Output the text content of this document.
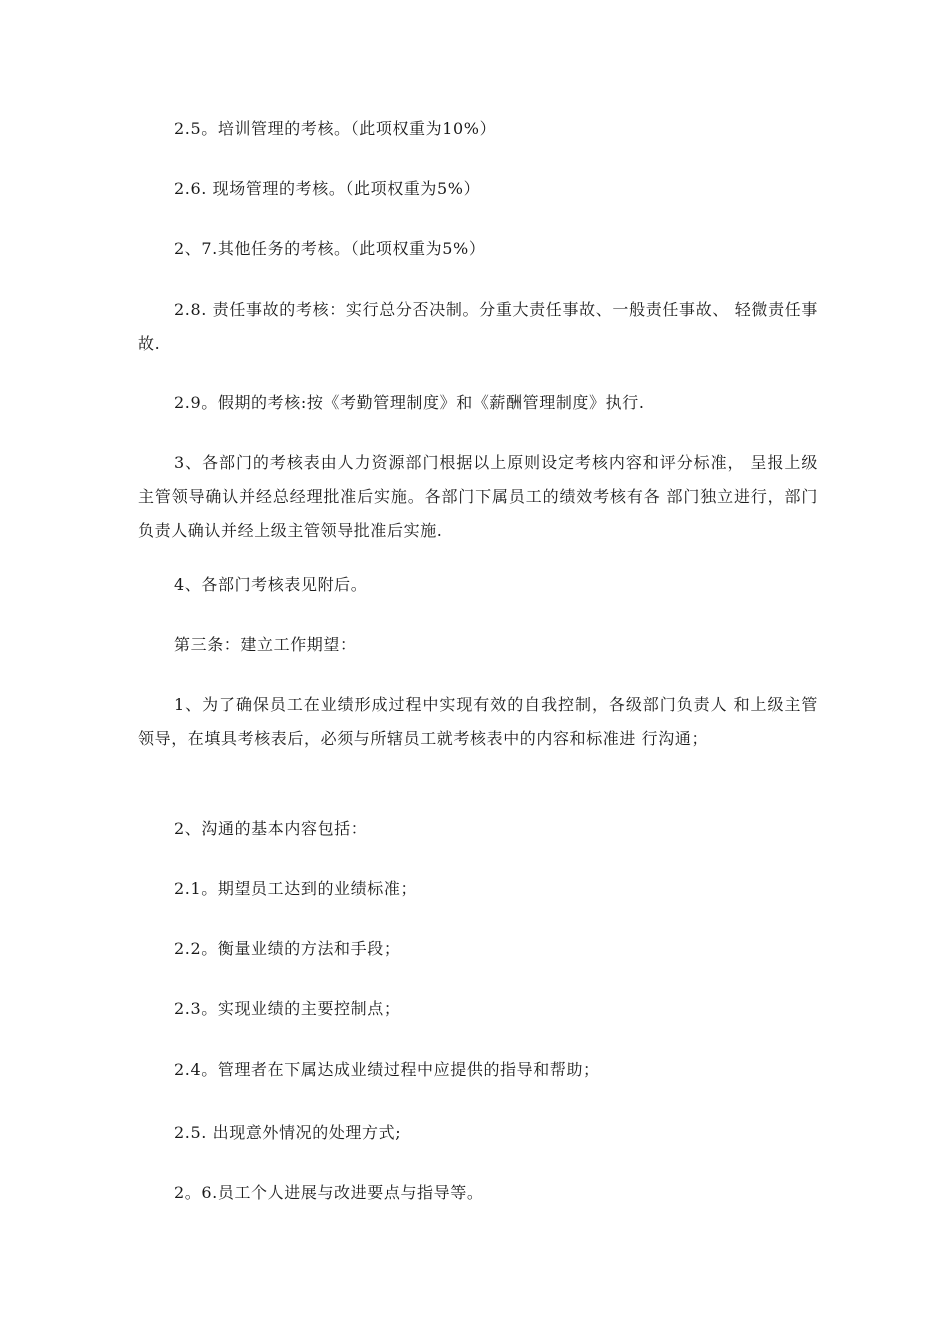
2.5。培训管理的考核。（此项权重为10%）

2.6. 现场管理的考核。（此项权重为5%）

2、7.其他任务的考核。（此项权重为5%）

2.8. 责任事故的考核：实行总分否决制。分重大责任事故、一般责任事故、 轻微责任事故.

2.9。假期的考核:按《考勤管理制度》和《薪酬管理制度》执行.

3、各部门的考核表由人力资源部门根据以上原则设定考核内容和评分标准， 呈报上级主管领导确认并经总经理批准后实施。各部门下属员工的绩效考核有各 部门独立进行，部门负责人确认并经上级主管领导批准后实施.

4、各部门考核表见附后。

第三条：建立工作期望：

1、为了确保员工在业绩形成过程中实现有效的自我控制，各级部门负责人 和上级主管领导，在填具考核表后，必须与所辖员工就考核表中的内容和标准进 行沟通；

2、沟通的基本内容包括：

2.1。期望员工达到的业绩标准；

2.2。衡量业绩的方法和手段；

2.3。实现业绩的主要控制点；

2.4。管理者在下属达成业绩过程中应提供的指导和帮助；

2.5. 出现意外情况的处理方式;

2。6.员工个人进展与改进要点与指导等。
